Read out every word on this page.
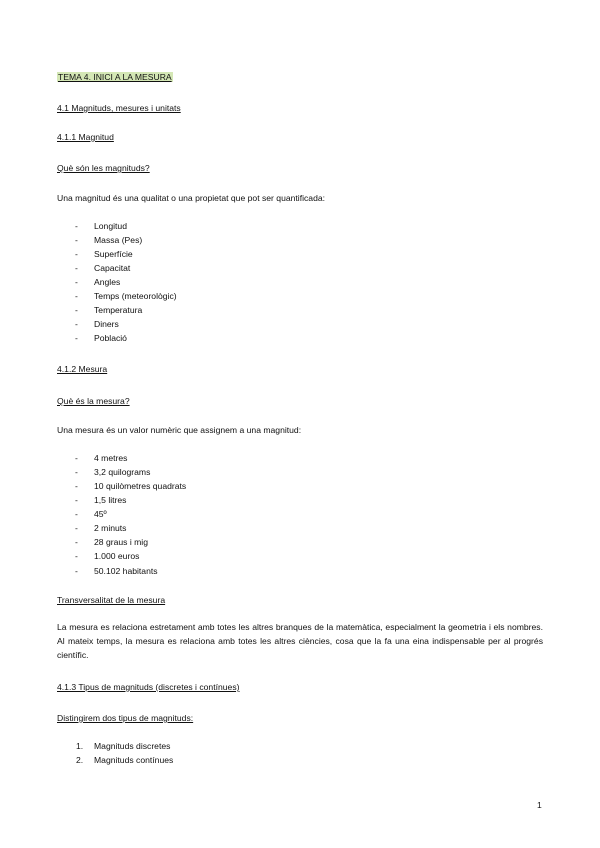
TEMA 4. INICI A LA MESURA
4.1 Magnituds, mesures i unitats
4.1.1 Magnitud
Què són les magnituds?
Una magnitud és una qualitat o una propietat que pot ser quantificada:
- Longitud
- Massa (Pes)
- Superfície
- Capacitat
- Angles
- Temps (meteorològic)
- Temperatura
- Diners
- Població
4.1.2 Mesura
Què és la mesura?
Una mesura és un valor numèric que assignem a una magnitud:
- 4 metres
- 3,2 quilograms
- 10 quilòmetres quadrats
- 1,5 litres
- 45º
- 2 minuts
- 28 graus i mig
- 1.000 euros
- 50.102 habitants
Transversalitat de la mesura
La mesura es relaciona estretament amb totes les altres branques de la matemàtica, especialment la geometria i els nombres. Al mateix temps, la mesura es relaciona amb totes les altres ciències, cosa que la fa una eina indispensable per al progrés científic.
4.1.3 Tipus de magnituds (discretes i contínues)
Distingirem dos tipus de magnituds:
1. Magnituds discretes
2. Magnituds contínues
1
